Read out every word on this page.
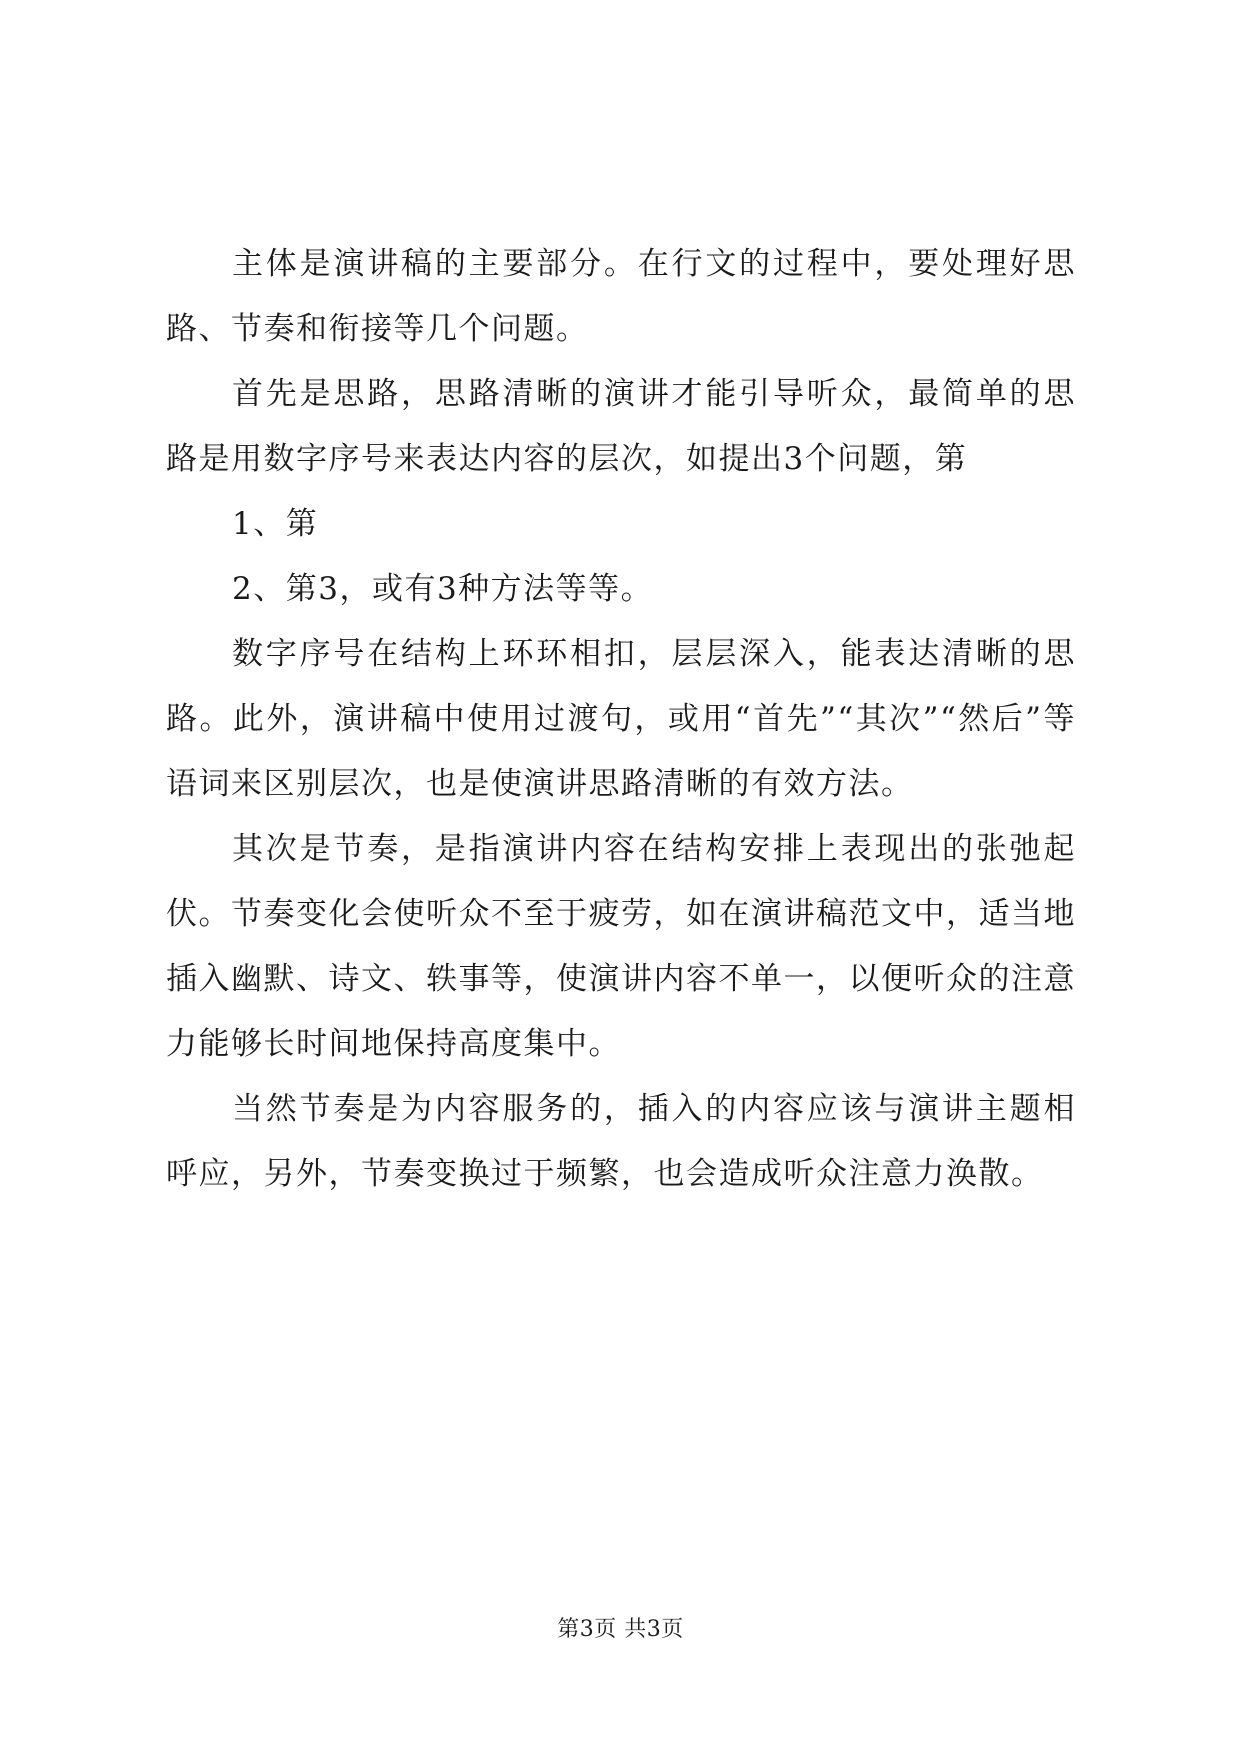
主体是演讲稿的主要部分。在行文的过程中，要处理好思路、节奏和衔接等几个问题。

首先是思路，思路清晰的演讲才能引导听众，最简单的思路是用数字序号来表达内容的层次，如提出3个问题，第

1、第

2、第3，或有3种方法等等。

数字序号在结构上环环相扣，层层深入，能表达清晰的思路。此外，演讲稿中使用过渡句，或用“首先”“其次”“然后”等语词来区别层次，也是使演讲思路清晰的有效方法。

其次是节奏，是指演讲内容在结构安排上表现出的张弛起伏。节奏变化会使听众不至于疲劳，如在演讲稿范文中，适当地插入幽默、诗文、轶事等，使演讲内容不单一，以便听众的注意力能够长时间地保持高度集中。

当然节奏是为内容服务的，插入的内容应该与演讲主题相呼应，另外，节奏变换过于频繁，也会造成听众注意力涣散。

第3页 共3页
